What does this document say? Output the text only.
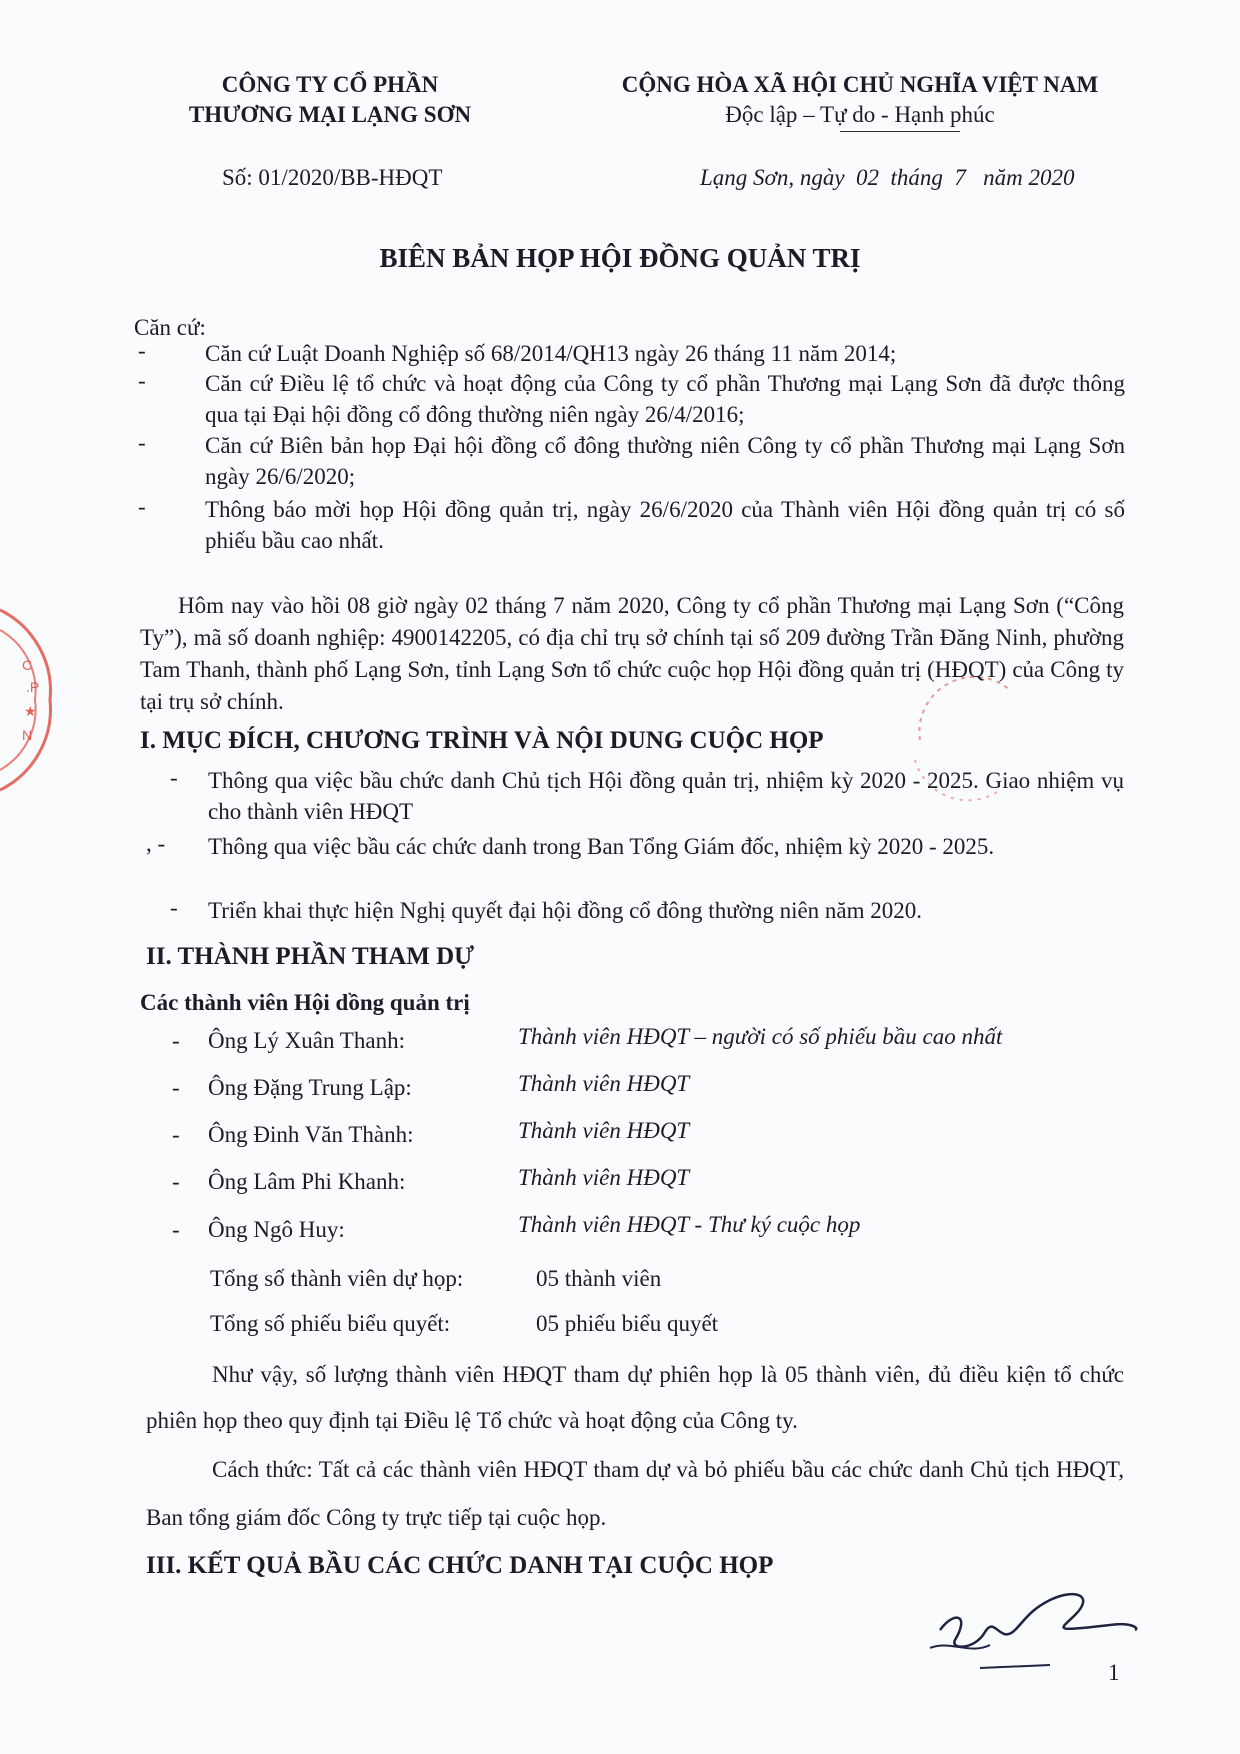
C
.P
★
N
CÔNG TY CỔ PHẦN
THƯƠNG MẠI LẠNG SƠN
CỘNG HÒA XÃ HỘI CHỦ NGHĨA VIỆT NAM
Độc lập – Tự do - Hạnh phúc
Số: 01/2020/BB-HĐQT	Lạng Sơn, ngày  02  tháng  7   năm 2020
BIÊN BẢN HỌP HỘI ĐỒNG QUẢN TRỊ
Căn cứ:
-	Căn cứ Luật Doanh Nghiệp số 68/2014/QH13 ngày 26 tháng 11 năm 2014;
-	Căn cứ Điều lệ tổ chức và hoạt động của Công ty cổ phần Thương mại Lạng Sơn đã được thông qua tại Đại hội đồng cổ đông thường niên ngày 26/4/2016;
-	Căn cứ Biên bản họp Đại hội đồng cổ đông thường niên Công ty cổ phần Thương mại Lạng Sơn ngày 26/6/2020;
-	Thông báo mời họp Hội đồng quản trị, ngày 26/6/2020 của Thành viên Hội đồng quản trị có số phiếu bầu cao nhất.
Hôm nay vào hồi 08 giờ ngày 02 tháng 7 năm 2020, Công ty cổ phần Thương mại Lạng Sơn (“Công Ty”), mã số doanh nghiệp: 4900142205, có địa chỉ trụ sở chính tại số 209 đường Trần Đăng Ninh, phường Tam Thanh, thành phố Lạng Sơn, tỉnh Lạng Sơn tổ chức cuộc họp Hội đồng quản trị (HĐQT) của Công ty tại trụ sở chính.
I. MỤC ĐÍCH, CHƯƠNG TRÌNH VÀ NỘI DUNG CUỘC HỌP
- Thông qua việc bầu chức danh Chủ tịch Hội đồng quản trị, nhiệm kỳ 2020 - 2025. Giao nhiệm vụ cho thành viên HĐQT
, - Thông qua việc bầu các chức danh trong Ban Tổng Giám đốc, nhiệm kỳ 2020 - 2025.
- Triển khai thực hiện Nghị quyết đại hội đồng cổ đông thường niên năm 2020.
II. THÀNH PHẦN THAM DỰ
Các thành viên Hội dồng quản trị
- Ông Lý Xuân Thanh:	Thành viên HĐQT – người có số phiếu bầu cao nhất
- Ông Đặng Trung Lập:	Thành viên HĐQT
- Ông Đinh Văn Thành:	Thành viên HĐQT
- Ông Lâm Phi Khanh:	Thành viên HĐQT
- Ông Ngô Huy:	Thành viên HĐQT - Thư ký cuộc họp
Tổng số thành viên dự họp:	05 thành viên
Tổng số phiếu biểu quyết:	05 phiếu biểu quyết
Như vậy, số lượng thành viên HĐQT tham dự phiên họp là 05 thành viên, đủ điều kiện tổ chức phiên họp theo quy định tại Điều lệ Tổ chức và hoạt động của Công ty.
Cách thức: Tất cả các thành viên HĐQT tham dự và bỏ phiếu bầu các chức danh Chủ tịch HĐQT, Ban tổng giám đốc Công ty trực tiếp tại cuộc họp.
III. KẾT QUẢ BẦU CÁC CHỨC DANH TẠI CUỘC HỌP
1
